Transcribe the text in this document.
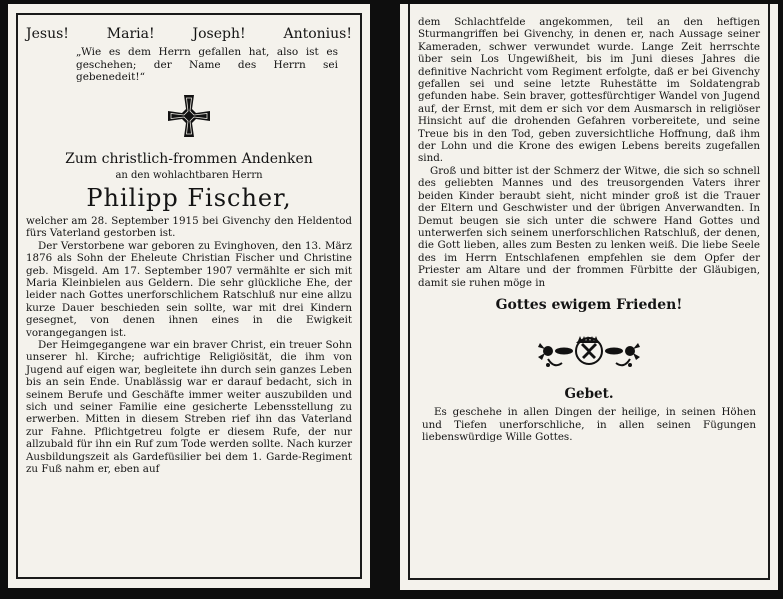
Jesus!	Maria!	Joseph!	Antonius!
„Wie es dem Herrn gefallen hat, also ist es geschehen; der Name des Herrn sei gebenedeit!“
Zum christlich-frommen Andenken
an den wohlachtbaren Herrn
Philipp Fischer,

welcher am 28. September 1915 bei Givenchy den Heldentod fürs Vaterland gestorben ist.

Der Verstorbene war geboren zu Evinghoven, den 13. März 1876 als Sohn der Eheleute Christian Fischer und Christine geb. Misgeld. Am 17. September 1907 vermählte er sich mit Maria Kleinbielen aus Geldern. Die sehr glückliche Ehe, der leider nach Gottes unerforschlichem Ratschluß nur eine allzu kurze Dauer beschieden sein sollte, war mit drei Kindern gesegnet, von denen ihnen eines in die Ewigkeit vorangegangen ist.

Der Heimgegangene war ein braver Christ, ein treuer Sohn unserer hl. Kirche; aufrichtige Religiösität, die ihm von Jugend auf eigen war, begleitete ihn durch sein ganzes Leben bis an sein Ende. Unablässig war er darauf bedacht, sich in seinem Berufe und Geschäfte immer weiter auszubilden und sich und seiner Familie eine gesicherte Lebensstellung zu erwerben. Mitten in diesem Streben rief ihn das Vaterland zur Fahne. Pflichtgetreu folgte er diesem Rufe, der nur allzubald für ihn ein Ruf zum Tode werden sollte. Nach kurzer Ausbildungszeit als Gardefüsilier bei dem 1. Garde-Regiment zu Fuß nahm er, eben auf

dem Schlachtfelde angekommen, teil an den heftigen Sturmangriffen bei Givenchy, in denen er, nach Aussage seiner Kameraden, schwer verwundet wurde. Lange Zeit herrschte über sein Los Ungewißheit, bis im Juni dieses Jahres die definitive Nachricht vom Regiment erfolgte, daß er bei Givenchy gefallen sei und seine letzte Ruhestätte im Soldatengrab gefunden habe. Sein braver, gottesfürchtiger Wandel von Jugend auf, der Ernst, mit dem er sich vor dem Ausmarsch in religiöser Hinsicht auf die drohenden Gefahren vorbereitete, und seine Treue bis in den Tod, geben zuversichtliche Hoffnung, daß ihm der Lohn und die Krone des ewigen Lebens bereits zugefallen sind.

Groß und bitter ist der Schmerz der Witwe, die sich so schnell des geliebten Mannes und des treusorgenden Vaters ihrer beiden Kinder beraubt sieht, nicht minder groß ist die Trauer der Eltern und Geschwister und der übrigen Anverwandten. In Demut beugen sie sich unter die schwere Hand Gottes und unterwerfen sich seinem unerforschlichen Ratschluß, der denen, die Gott lieben, alles zum Besten zu lenken weiß. Die liebe Seele des im Herrn Entschlafenen empfehlen sie dem Opfer der Priester am Altare und der frommen Fürbitte der Gläubigen, damit sie ruhen möge in

Gottes ewigem Frieden!
Gebet.

Es geschehe in allen Dingen der heilige, in seinen Höhen und Tiefen unerforschliche, in allen seinen Fügungen liebenswürdige Wille Gottes.
